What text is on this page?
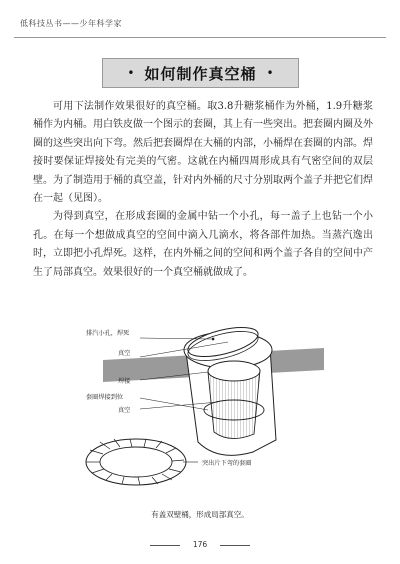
低科技丛书——少年科学家
• 如何制作真空桶 •

可用下法制作效果很好的真空桶。取3.8升糖浆桶作为外桶，1.9升糖浆桶作为内桶。用白铁皮做一个图示的套圈，其上有一些突出。把套圈内圈及外圈的这些突出向下弯。然后把套圈焊在大桶的内部，小桶焊在套圈的内部。焊接时要保证焊接处有完美的气密。这就在内桶四周形成具有气密空间的双层壁。为了制造用于桶的真空盖，针对内外桶的尺寸分别取两个盖子并把它们焊在一起（见图）。

为得到真空，在形成套圈的金属中钻一个小孔，每一盖子上也钻一个小孔。在每一个想做成真空的空间中滴入几滴水，将各部件加热。当蒸汽逸出时，立即把小孔焊死。这样，在内外桶之间的空间和两个盖子各自的空间中产生了局部真空。效果很好的一个真空桶就做成了。

排汽小孔，焊死
真空
焊接
套圈焊接到位
真空
突出片下弯的套圈
有盖双壁桶，形成局部真空。
176
